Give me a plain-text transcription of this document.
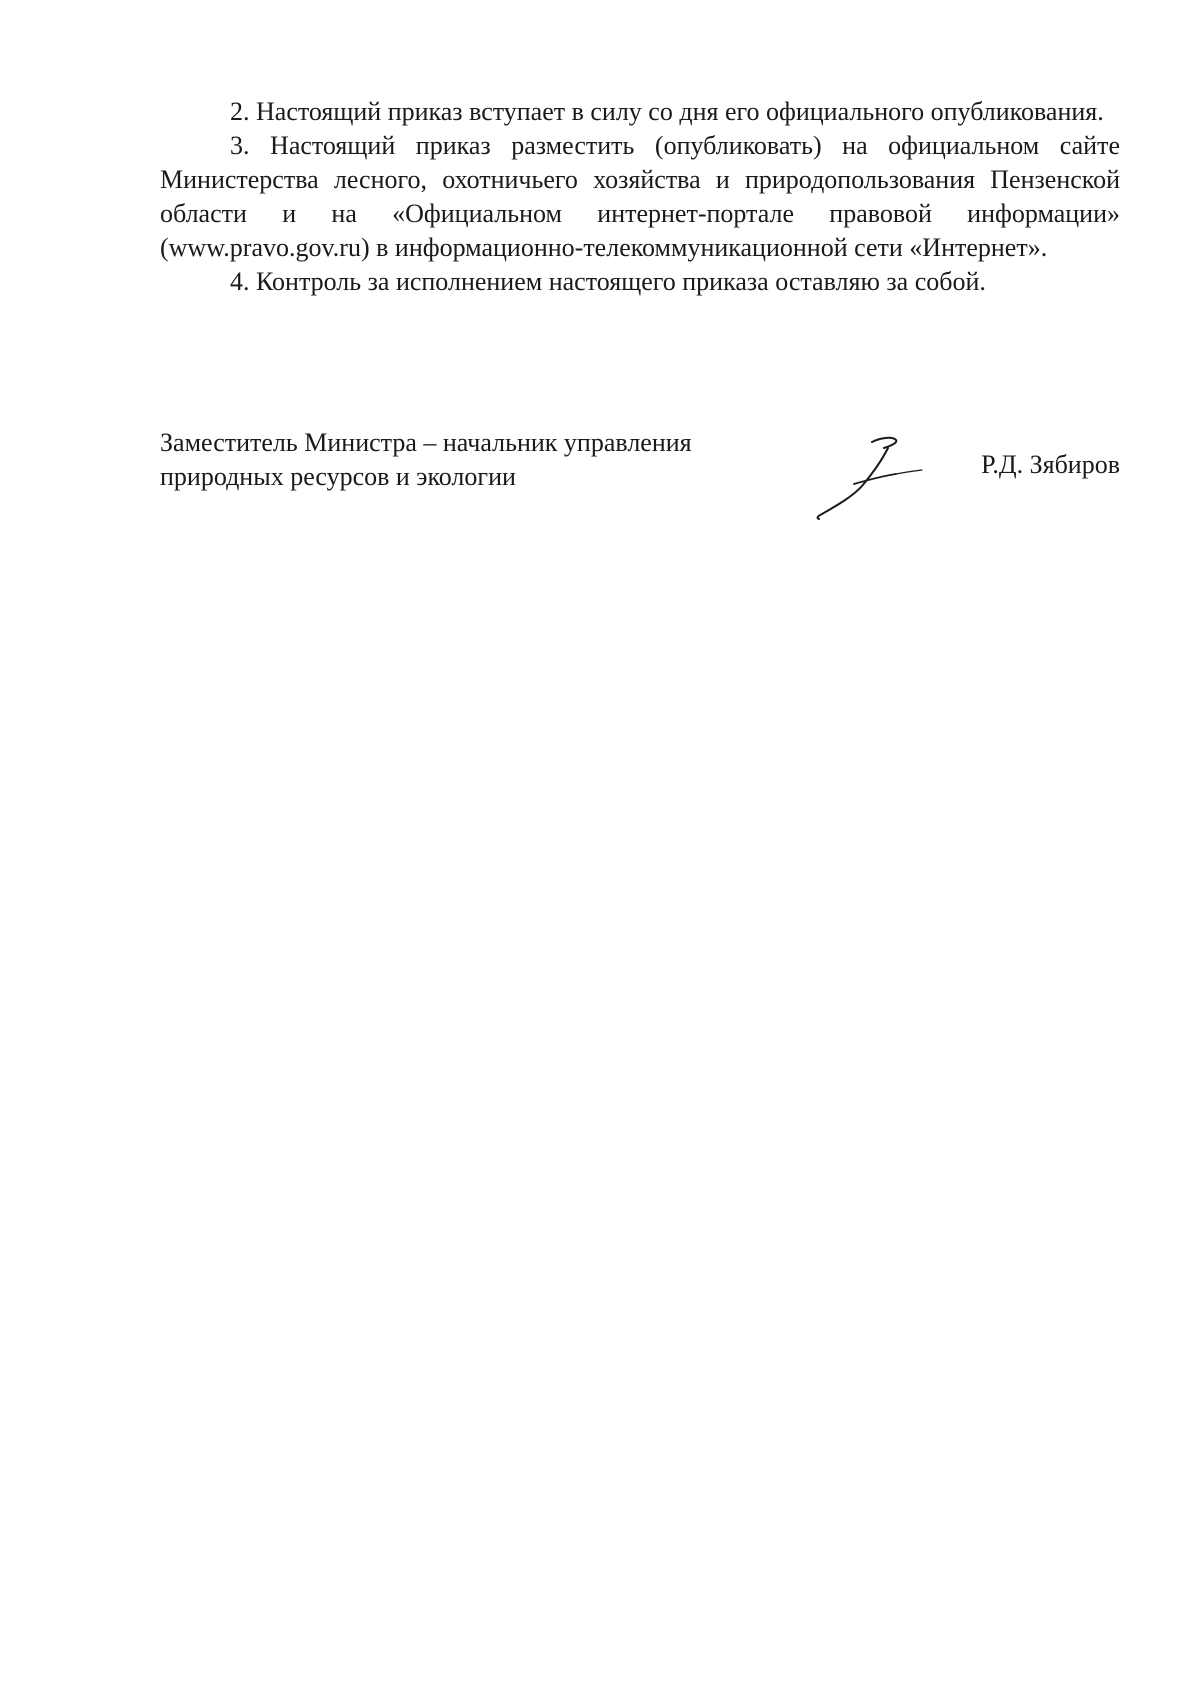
2. Настоящий приказ вступает в силу со дня его официального опубликования.

3. Настоящий приказ разместить (опубликовать) на официальном сайте Министерства лесного, охотничьего хозяйства и природопользования Пензенской области и на «Официальном интернет-портале правовой информации» (www.pravo.gov.ru) в информационно-телекоммуникационной сети «Интернет».

4. Контроль за исполнением настоящего приказа оставляю за собой.

Заместитель Министра – начальник управления
природных ресурсов и экологии	Р.Д. Зябиров
